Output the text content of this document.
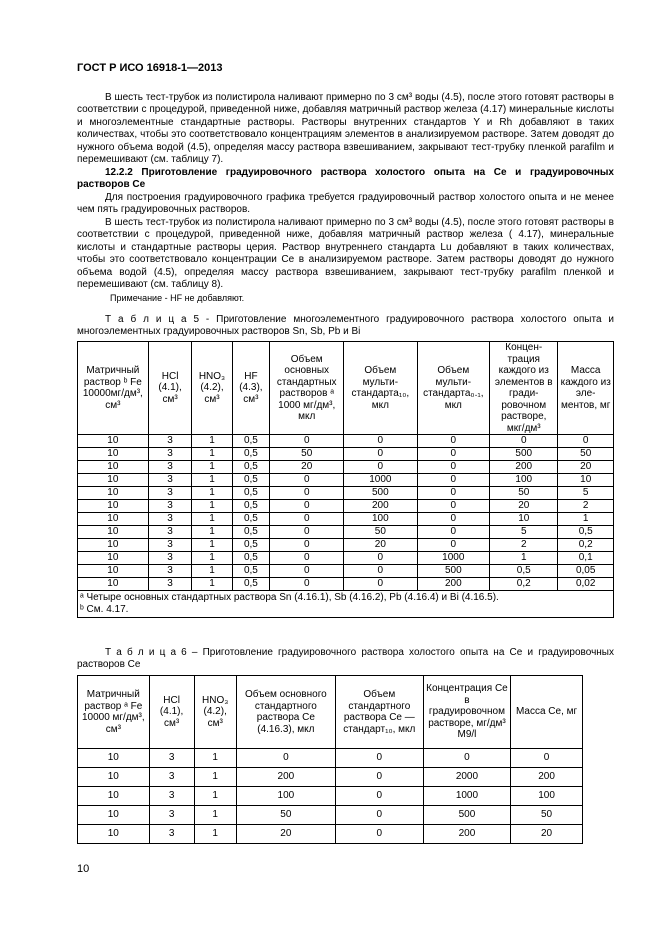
ГОСТ Р ИСО 16918-1—2013
В шесть тест-трубок из полистирола наливают примерно по 3 см³ воды (4.5), после этого готовят растворы в соответствии с процедурой, приведенной ниже, добавляя матричный раствор железа (4.17) минеральные кислоты и многоэлементные стандартные растворы. Растворы внутренних стандартов Y и Rh добавляют в таких количествах, чтобы это соответствовало концентрациям элементов в анализируемом растворе. Затем доводят до нужного объема водой (4.5), определяя массу раствора взвешиванием, закрывают тест-трубку пленкой parafilm и перемешивают (см. таблицу 7).
12.2.2 Приготовление градуировочного раствора холостого опыта на Ce и градуировочных растворов Ce
Для построения градуировочного графика требуется градуировочный раствор холостого опыта и не менее чем пять градуировочных растворов.
В шесть тест-трубок из полистирола наливают примерно по 3 см³ воды (4.5), после этого готовят растворы в соответствии с процедурой, приведенной ниже, добавляя матричный раствор железа ( 4.17), минеральные кислоты и стандартные растворы церия. Раствор внутреннего стандарта Lu добавляют в таких количествах, чтобы это соответствовало концентрации Ce в анализируемом растворе. Затем растворы доводят до нужного объема водой (4.5), определяя массу раствора взвешиванием, закрывают тест-трубку parafilm пленкой и перемешивают (см. таблицу 8).
Примечание - HF не добавляют.
Т а б л и ц а 5 - Приготовление многоэлементного градуировочного раствора холостого опыта и многоэлементных градуировочных растворов Sn, Sb, Pb и Bi
Матричный раствор ᵇ Fe 10000мг/дм³, см³	HCl (4.1), см³	HNO₃ (4.2), см³	HF (4.3), см³	Объем основных стандартных растворов ᵃ 1000 мг/дм³, мкл	Объем мульти-стандарта₁₀, мкл	Объем мульти-стандарта₀.₁, мкл	Концен-трация каждого из элементов в гради-ровочном растворе, мкг/дм³	Масса каждого из эле-ментов, мг
10	3	1	0,5	0	0	0	0	0
10	3	1	0,5	50	0	0	500	50
10	3	1	0,5	20	0	0	200	20
10	3	1	0,5	0	1000	0	100	10
10	3	1	0,5	0	500	0	50	5
10	3	1	0,5	0	200	0	20	2
10	3	1	0,5	0	100	0	10	1
10	3	1	0,5	0	50	0	5	0,5
10	3	1	0,5	0	20	0	2	0,2
10	3	1	0,5	0	0	1000	1	0,1
10	3	1	0,5	0	0	500	0,5	0,05
10	3	1	0,5	0	0	200	0,2	0,02

ᵃ Четыре основных стандартных раствора Sn (4.16.1), Sb (4.16.2), Pb (4.16.4) и Bi (4.16.5).
ᵇ См. 4.17.								
Т а б л и ц а 6 – Приготовление градуировочного раствора холостого опыта на Ce и градуировочных растворов Ce
Матричный раствор ᵃ Fe 10000 мг/дм³, см³	HCl (4.1), см³	HNO₃ (4.2), см³	Объем основного стандартного раствора Ce (4.16.3), мкл	Объем стандартного раствора Ce — стандарт₁₀, мкл	Концентрация Ce в градуировочном растворе, мг/дм³ М9/l	Масса Ce, мг
10	3	1	0	0	0	0
10	3	1	200	0	2000	200
10	3	1	100	0	1000	100
10	3	1	50	0	500	50
10	3	1	20	0	200	20
10
